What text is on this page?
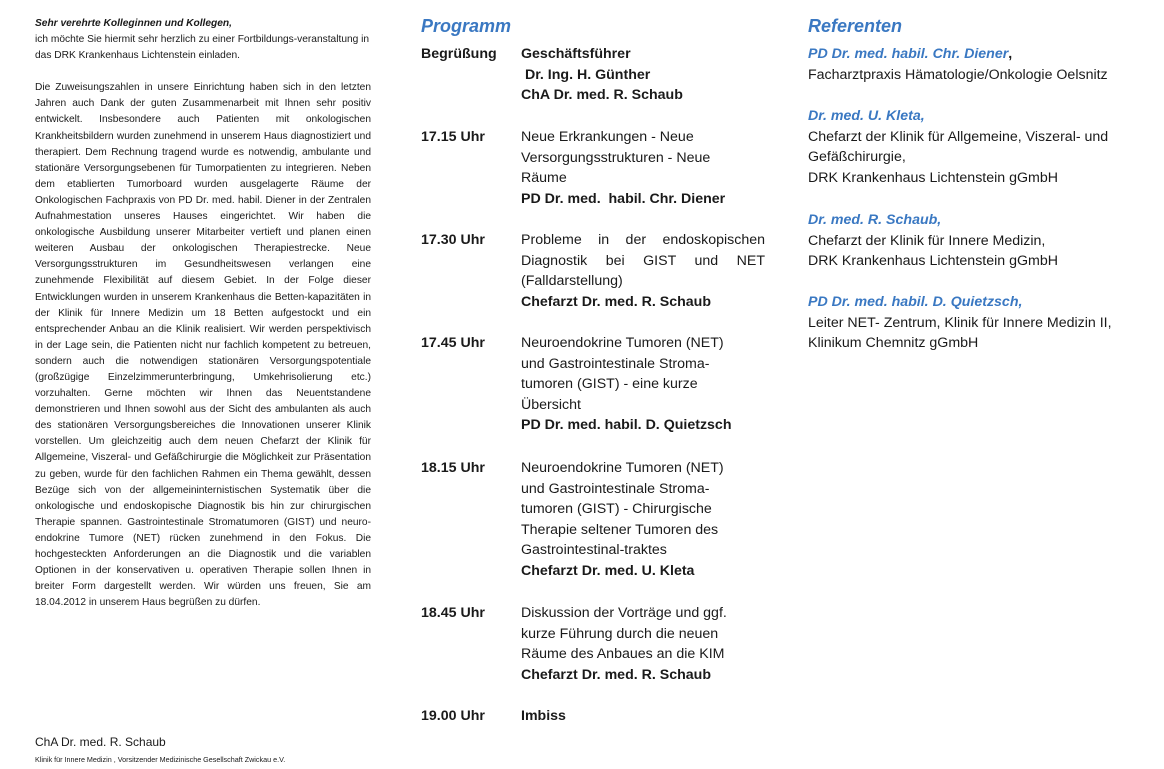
Sehr verehrte Kolleginnen und Kollegen,

ich möchte Sie hiermit sehr herzlich zu einer Fortbildungs-veranstaltung in das DRK Krankenhaus Lichtenstein einladen.

Die Zuweisungszahlen in unsere Einrichtung haben sich in den letzten Jahren auch Dank der guten Zusammenarbeit mit Ihnen sehr positiv entwickelt. Insbesondere auch Patienten mit onkologischen Krankheitsbildern wurden zunehmend in unserem Haus diagnostiziert und therapiert. Dem Rechnung tragend wurde es notwendig, ambulante und stationäre Versorgungsebenen für Tumorpatienten zu integrieren. Neben dem etablierten Tumorboard wurden ausgelagerte Räume der Onkologischen Fachpraxis von PD Dr. med. habil. Diener in der Zentralen Aufnahmestation unseres Hauses eingerichtet. Wir haben die onkologische Ausbildung unserer Mitarbeiter vertieft und planen einen weiteren Ausbau der onkologischen Therapiestrecke. Neue Versorgungsstrukturen im Gesundheitswesen verlangen eine zunehmende Flexibilität auf diesem Gebiet. In der Folge dieser Entwicklungen wurden in unserem Krankenhaus die Betten-kapazitäten in der Klinik für Innere Medizin um 18 Betten aufgestockt und ein entsprechender Anbau an die Klinik realisiert. Wir werden perspektivisch in der Lage sein, die Patienten nicht nur fachlich kompetent zu betreuen, sondern auch die notwendigen stationären Versorgungspotentiale (großzügige Einzelzimmerunterbringung, Umkehrisolierung etc.) vorzuhalten. Gerne möchten wir Ihnen das Neuentstandene demonstrieren und Ihnen sowohl aus der Sicht des ambulanten als auch des stationären Versorgungsbereiches die Innovationen unserer Klinik vorstellen. Um gleichzeitig auch dem neuen Chefarzt der Klinik für Allgemeine, Viszeral- und Gefäßchirurgie die Möglichkeit zur Präsentation zu geben, wurde für den fachlichen Rahmen ein Thema gewählt, dessen Bezüge sich von der allgemeininternistischen Systematik über die onkologische und endoskopische Diagnostik bis hin zur chirurgischen Therapie spannen. Gastrointestinale Stromatumoren (GIST) und neuro-endokrine Tumore (NET) rücken zunehmend in den Fokus. Die hochgesteckten Anforderungen an die Diagnostik und die variablen Optionen in der konservativen u. operativen Therapie sollen Ihnen in breiter Form dargestellt werden. Wir würden uns freuen, Sie am 18.04.2012 in unserem Haus begrüßen zu dürfen.

ChA Dr. med. R. Schaub
Klinik für Innere Medizin , Vorsitzender Medizinische Gesellschaft Zwickau e.V.
Programm
Begrüßung	Geschäftsführer
Dr. Ing. H. Günther
ChA Dr. med. R. Schaub
17.15 Uhr	Neue Erkrankungen - Neue
Versorgungsstrukturen - Neue
Räume
PD Dr. med.  habil. Chr. Diener
17.30 Uhr	Probleme in der endoskopischen
Diagnostik bei GIST und NET
(Falldarstellung)
Chefarzt Dr. med. R. Schaub
17.45 Uhr	Neuroendokrine Tumoren (NET)
und Gastrointestinale Stroma-
tumoren (GIST) - eine kurze
Übersicht
PD Dr. med. habil. D. Quietzsch
18.15 Uhr	Neuroendokrine Tumoren (NET)
und Gastrointestinale Stroma-
tumoren (GIST) - Chirurgische
Therapie seltener Tumoren des
Gastrointestinal-traktes
Chefarzt Dr. med. U. Kleta
18.45 Uhr	Diskussion der Vorträge und ggf.
kurze Führung durch die neuen
Räume des Anbaues an die KIM
Chefarzt Dr. med. R. Schaub
19.00 Uhr	Imbiss
Referenten
PD Dr. med. habil. Chr. Diener,
Facharztpraxis Hämatologie/Onkologie Oelsnitz
Dr. med. U. Kleta,
Chefarzt der Klinik für Allgemeine, Viszeral- und
Gefäßchirurgie,
DRK Krankenhaus Lichtenstein gGmbH
Dr. med. R. Schaub,
Chefarzt der Klinik für Innere Medizin,
DRK Krankenhaus Lichtenstein gGmbH
PD Dr. med. habil. D. Quietzsch,
Leiter NET- Zentrum, Klinik für Innere Medizin II,
Klinikum Chemnitz gGmbH
